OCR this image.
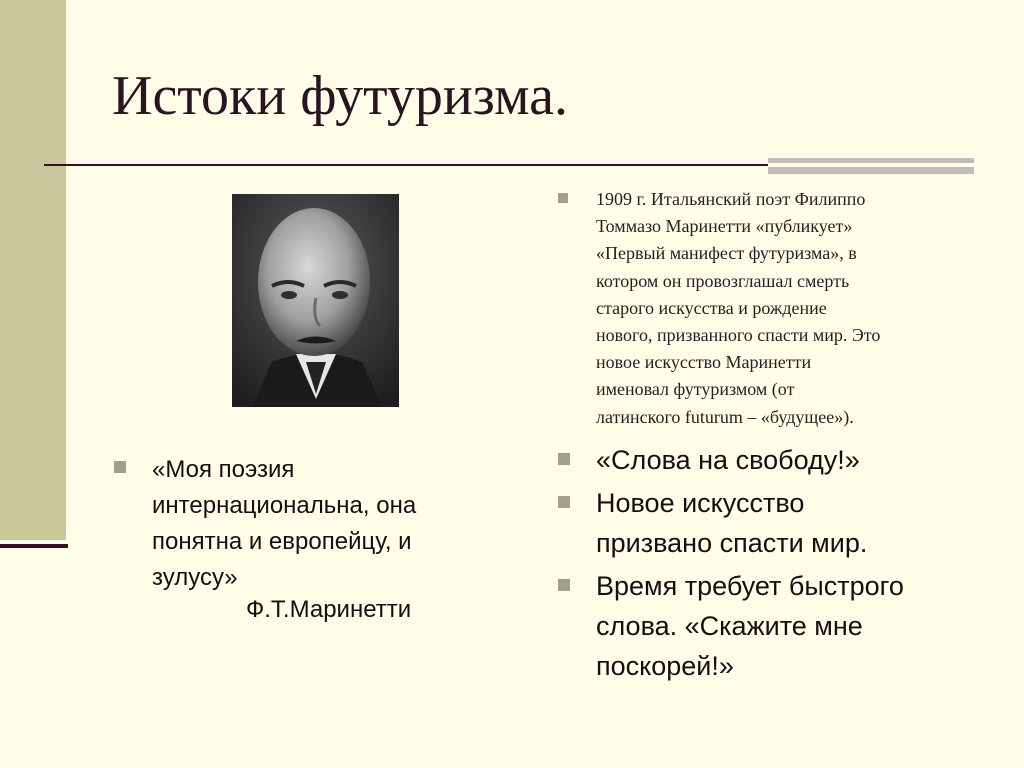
Истоки футуризма.
«Моя поэзия
интернациональна, она
понятна и европейцу, и
зулусу»
Ф.Т.Маринетти
1909 г. Итальянский поэт Филиппо
Томмазо Маринетти «публикует»
«Первый манифест футуризма», в
котором он провозглашал смерть
старого искусства и рождение
нового, призванного спасти мир. Это
новое искусство Маринетти
именовал футуризмом (от
латинского futurum – «будущее»).
«Слова на свободу!»
Новое искусство
призвано спасти мир.
Время требует быстрого
слова. «Скажите мне
поскорей!»
